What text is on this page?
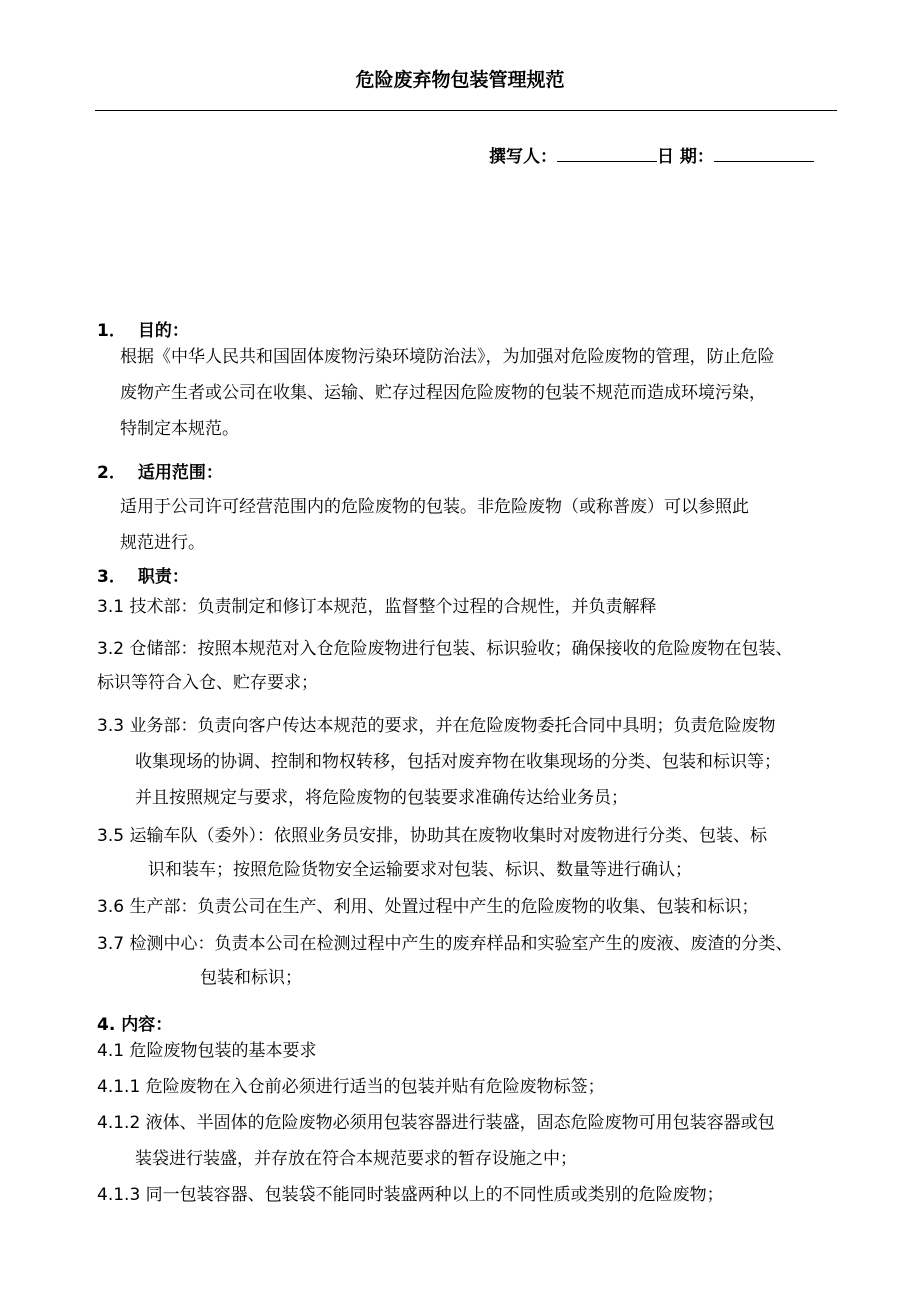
危险废弃物包装管理规范
撰写人：	日 期：
1． 目的：
根据《中华人民共和国固体废物污染环境防治法》，为加强对危险废物的管理，防止危险
废物产生者或公司在收集、运输、贮存过程因危险废物的包装不规范而造成环境污染，
特制定本规范。
2． 适用范围：
适用于公司许可经营范围内的危险废物的包装。非危险废物（或称普废）可以参照此
规范进行。
3． 职责：
3.1 技术部：负责制定和修订本规范，监督整个过程的合规性，并负责解释
3.2 仓储部：按照本规范对入仓危险废物进行包装、标识验收；确保接收的危险废物在包装、
标识等符合入仓、贮存要求；
3.3 业务部：负责向客户传达本规范的要求，并在危险废物委托合同中具明；负责危险废物
收集现场的协调、控制和物权转移，包括对废弃物在收集现场的分类、包装和标识等；
并且按照规定与要求，将危险废物的包装要求准确传达给业务员；
3.5 运输车队（委外）：依照业务员安排，协助其在废物收集时对废物进行分类、包装、标
识和装车；按照危险货物安全运输要求对包装、标识、数量等进行确认；
3.6 生产部：负责公司在生产、利用、处置过程中产生的危险废物的收集、包装和标识；
3.7 检测中心：负责本公司在检测过程中产生的废弃样品和实验室产生的废液、废渣的分类、
包装和标识；
4. 内容：
4.1 危险废物包装的基本要求
4.1.1 危险废物在入仓前必须进行适当的包装并贴有危险废物标签；
4.1.2 液体、半固体的危险废物必须用包装容器进行装盛，固态危险废物可用包装容器或包
装袋进行装盛，并存放在符合本规范要求的暂存设施之中；
4.1.3 同一包装容器、包装袋不能同时装盛两种以上的不同性质或类别的危险废物；
